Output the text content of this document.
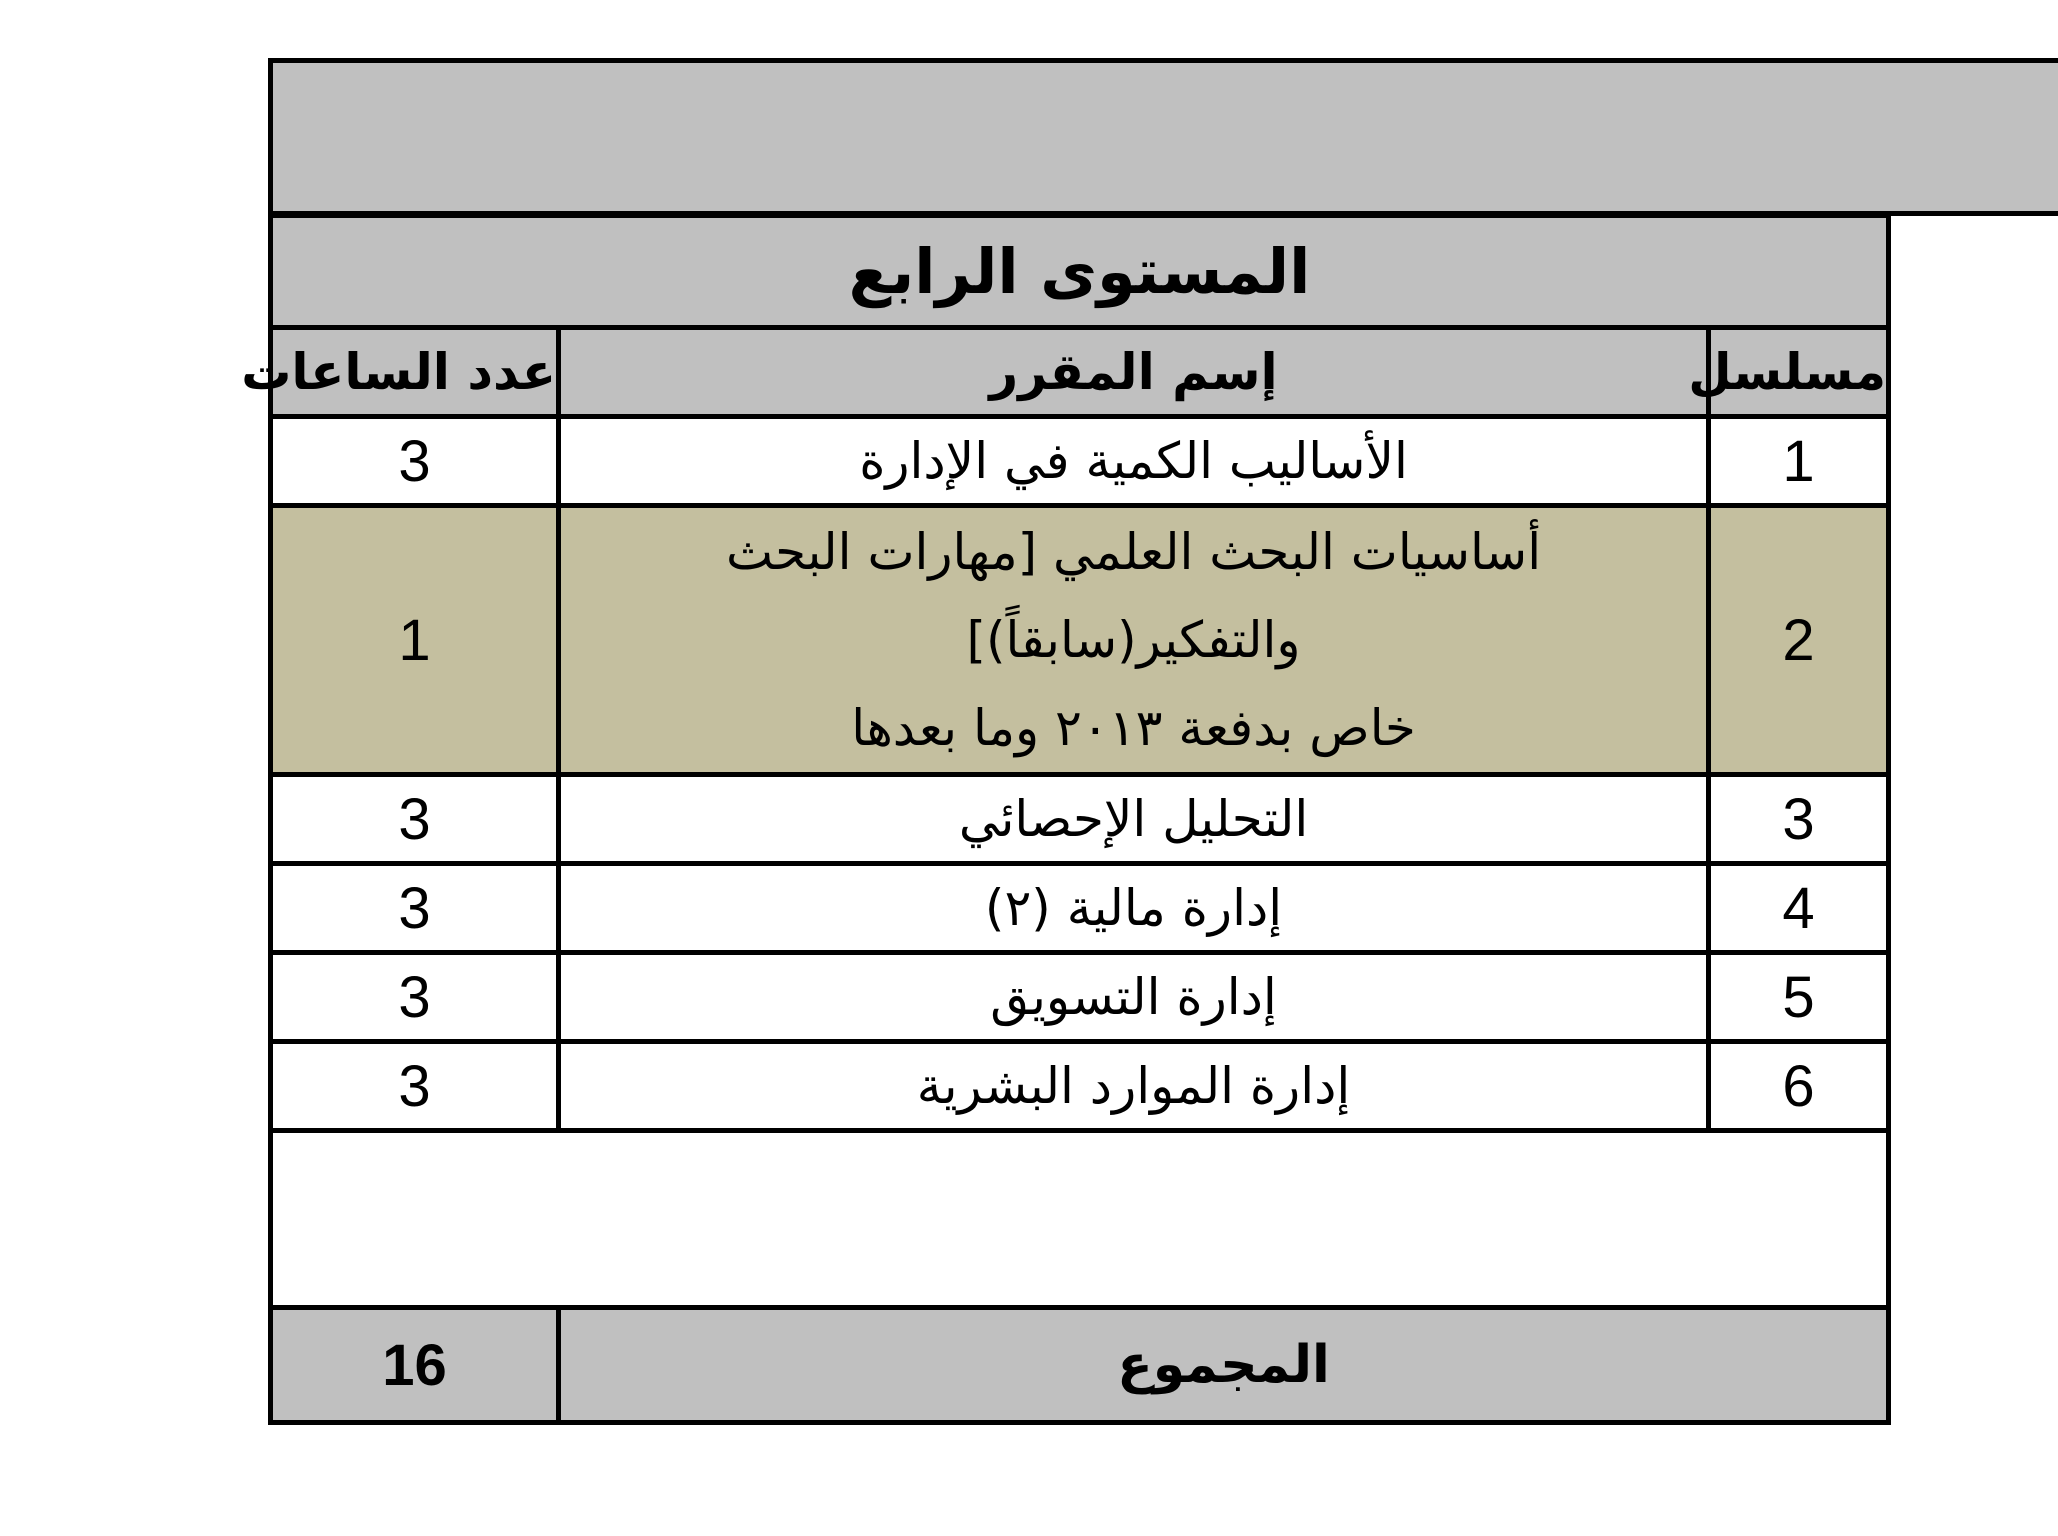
المستوى الرابع		
مسلسل	إسم المقرر	عدد الساعات
1	الأساليب الكمية في الإدارة	3
2	أساسيات البحث العلمي [مهارات البحث
والتفكير(سابقاً)]
خاص بدفعة ٢٠١٣ وما بعدها	1
3	التحليل الإحصائي	3
4	إدارة مالية (٢)	3
5	إدارة التسويق	3
6	إدارة الموارد البشرية	3

المجموع		16
